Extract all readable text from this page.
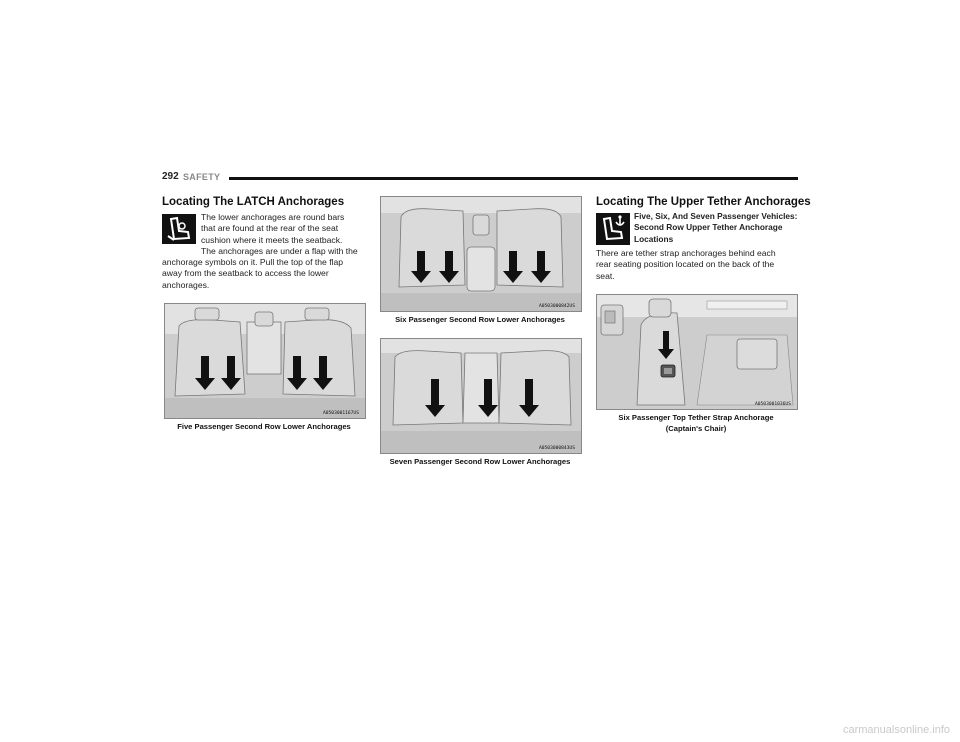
292 SAFETY
Locating The LATCH Anchorages
The lower anchorages are round bars
that are found at the rear of the seat
cushion where it meets the seatback.
The anchorages are under a flap with the
anchorage symbols on it. Pull the top of the flap
away from the seatback to access the lower
anchorages.
A0503001167US
Five Passenger Second Row Lower Anchorages
A0503000842US
Six Passenger Second Row Lower Anchorages
A0503000843US
Seven Passenger Second Row Lower Anchorages
Locating The Upper Tether Anchorages
Five, Six, And Seven Passenger Vehicles:
Second Row Upper Tether Anchorage
Locations
There are tether strap anchorages behind each
rear seating position located on the back of the
seat.
A0503001036US
Six Passenger Top Tether Strap Anchorage
(Captain's Chair)
carmanualsonline.info
